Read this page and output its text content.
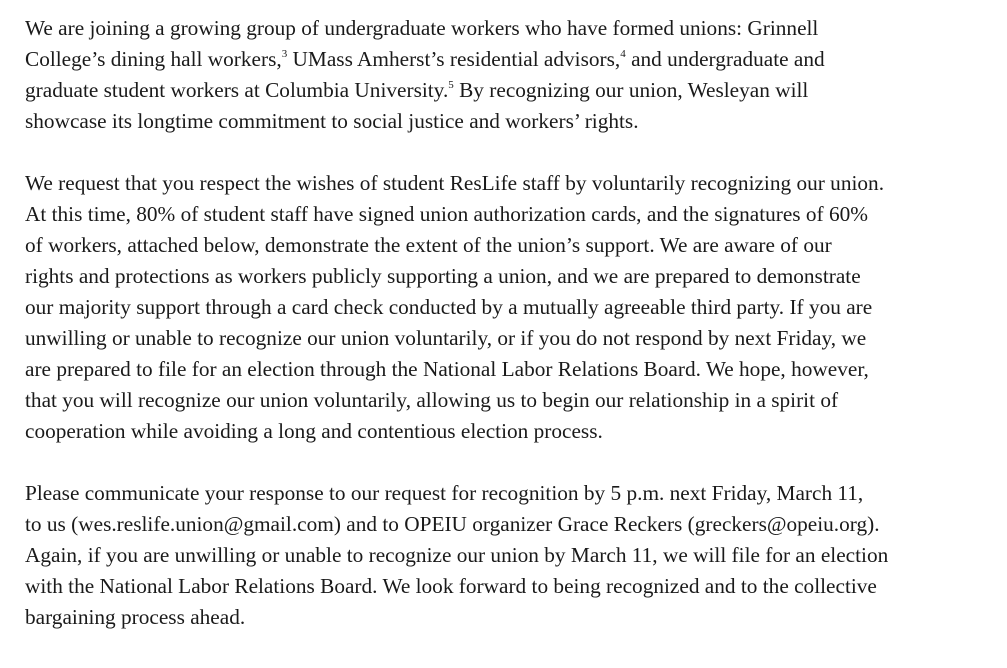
We are joining a growing group of undergraduate workers who have formed unions: Grinnell
College’s dining hall workers,$^3$ UMass Amherst’s residential advisors,$^4$ and undergraduate and
graduate student workers at Columbia University.$^5$ By recognizing our union, Wesleyan will
showcase its longtime commitment to social justice and workers’ rights.
We request that you respect the wishes of student ResLife staff by voluntarily recognizing our union.
At this time, 80% of student staff have signed union authorization cards, and the signatures of 60%
of workers, attached below, demonstrate the extent of the union’s support. We are aware of our
rights and protections as workers publicly supporting a union, and we are prepared to demonstrate
our majority support through a card check conducted by a mutually agreeable third party. If you are
unwilling or unable to recognize our union voluntarily, or if you do not respond by next Friday, we
are prepared to file for an election through the National Labor Relations Board. We hope, however,
that you will recognize our union voluntarily, allowing us to begin our relationship in a spirit of
cooperation while avoiding a long and contentious election process.
Please communicate your response to our request for recognition by 5 p.m. next Friday, March 11,
to us (wes.reslife.union@gmail.com) and to OPEIU organizer Grace Reckers (greckers@opeiu.org).
Again, if you are unwilling or unable to recognize our union by March 11, we will file for an election
with the National Labor Relations Board. We look forward to being recognized and to the collective
bargaining process ahead.
